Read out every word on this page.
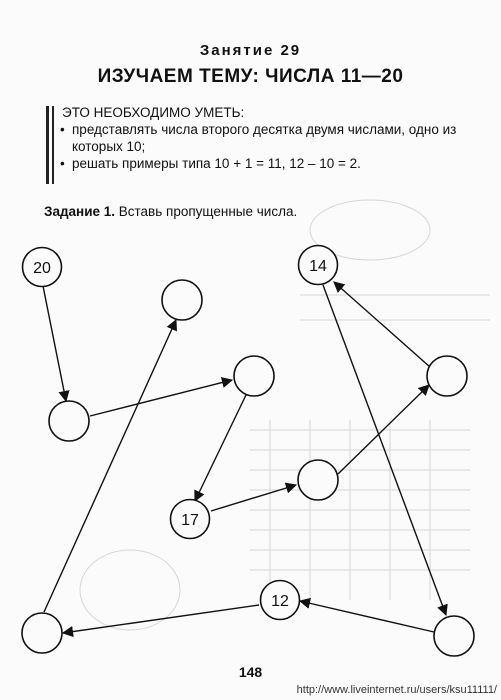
Занятие 29
ИЗУЧАЕМ ТЕМУ: ЧИСЛА 11—20
ЭТО НЕОБХОДИМО УМЕТЬ:
• представлять числа второго десятка двумя числами, одно из которых 10;
• решать примеры типа 10 + 1 = 11, 12 – 10 = 2.
Задание 1. Вставь пропущенные числа.
20
17
14
12
148
http://www.liveinternet.ru/users/ksu11111/
